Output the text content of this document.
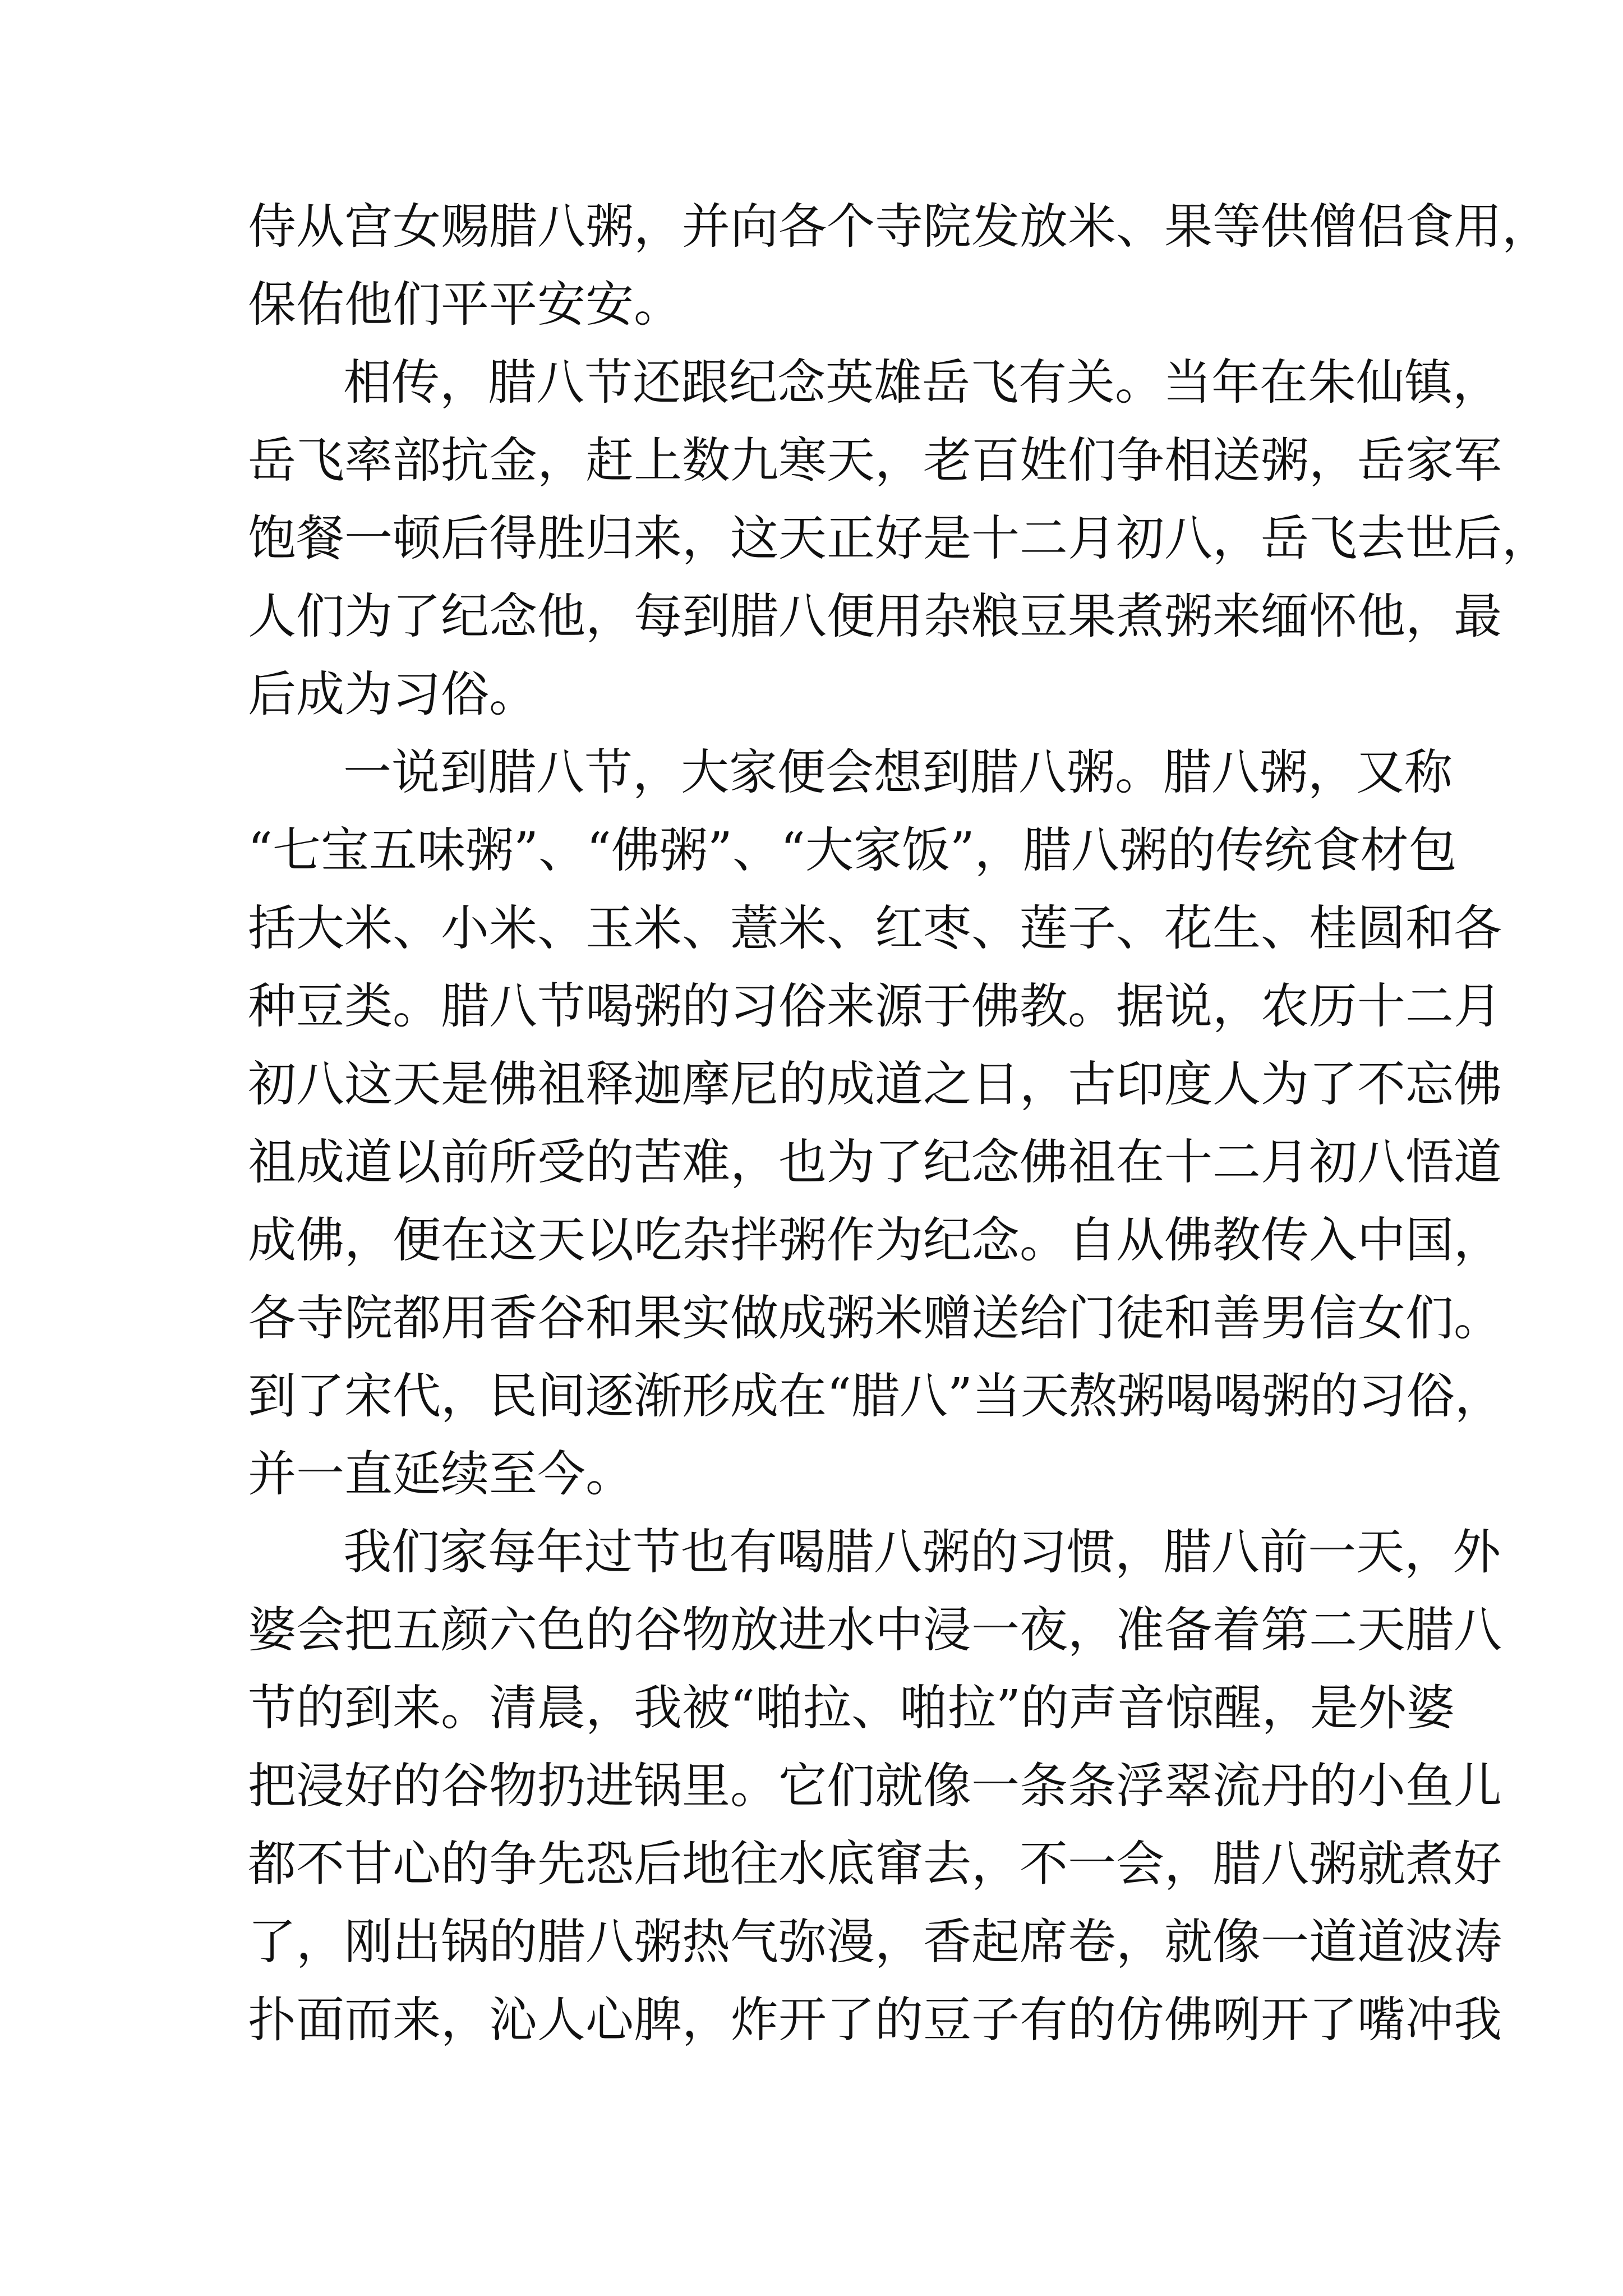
侍从宫女赐腊八粥，并向各个寺院发放米、果等供僧侣食用，
保佑他们平平安安。
相传，腊八节还跟纪念英雄岳飞有关。当年在朱仙镇，
岳飞率部抗金，赶上数九寒天，老百姓们争相送粥，岳家军
饱餐一顿后得胜归来，这天正好是十二月初八，岳飞去世后，
人们为了纪念他，每到腊八便用杂粮豆果煮粥来缅怀他，最
后成为习俗。
一说到腊八节，大家便会想到腊八粥。腊八粥，又称
“七宝五味粥”、“佛粥”、“大家饭”，腊八粥的传统食材包
括大米、小米、玉米、薏米、红枣、莲子、花生、桂圆和各
种豆类。腊八节喝粥的习俗来源于佛教。据说，农历十二月
初八这天是佛祖释迦摩尼的成道之日，古印度人为了不忘佛
祖成道以前所受的苦难，也为了纪念佛祖在十二月初八悟道
成佛，便在这天以吃杂拌粥作为纪念。自从佛教传入中国，
各寺院都用香谷和果实做成粥米赠送给门徒和善男信女们。
到了宋代，民间逐渐形成在“腊八”当天熬粥喝喝粥的习俗，
并一直延续至今。
我们家每年过节也有喝腊八粥的习惯，腊八前一天，外
婆会把五颜六色的谷物放进水中浸一夜，准备着第二天腊八
节的到来。清晨，我被“啪拉、啪拉”的声音惊醒，是外婆
把浸好的谷物扔进锅里。它们就像一条条浮翠流丹的小鱼儿
都不甘心的争先恐后地往水底窜去，不一会，腊八粥就煮好
了，刚出锅的腊八粥热气弥漫，香起席卷，就像一道道波涛
扑面而来，沁人心脾，炸开了的豆子有的仿佛咧开了嘴冲我
